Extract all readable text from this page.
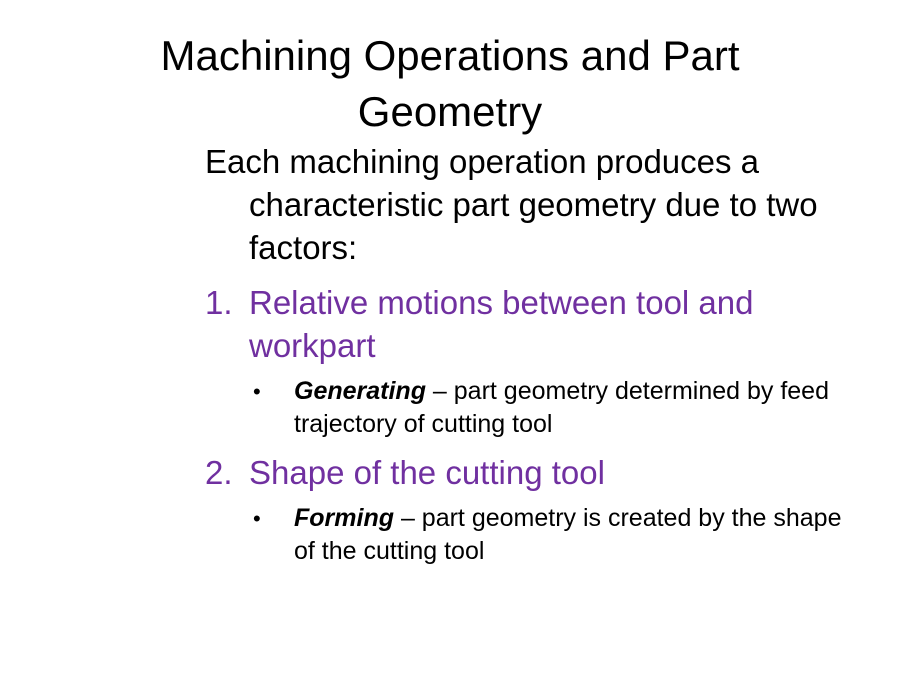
Machining Operations and Part
Geometry

Each machining operation produces a characteristic part geometry due to two factors:

1. Relative motions between tool and workpart
• Generating – part geometry determined by feed trajectory of cutting tool
2. Shape of the cutting tool
• Forming – part geometry is created by the shape of the cutting tool
